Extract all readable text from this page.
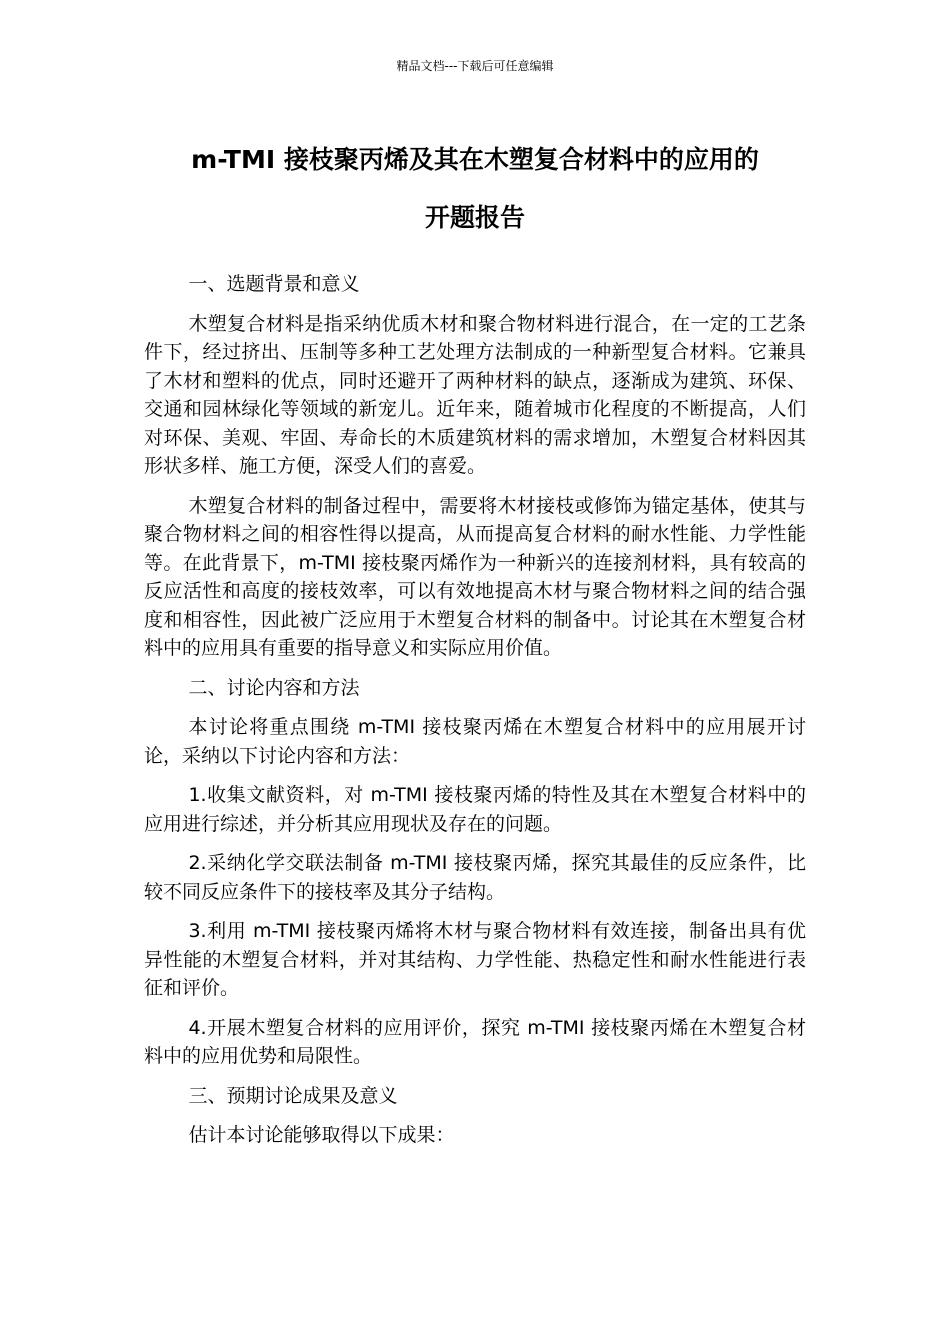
精品文档---下载后可任意编辑
m-TMI 接枝聚丙烯及其在木塑复合材料中的应用的
开题报告

一、选题背景和意义

木塑复合材料是指采纳优质木材和聚合物材料进行混合，在一定的工艺条件下，经过挤出、压制等多种工艺处理方法制成的一种新型复合材料。它兼具了木材和塑料的优点，同时还避开了两种材料的缺点，逐渐成为建筑、环保、交通和园林绿化等领域的新宠儿。近年来，随着城市化程度的不断提高，人们对环保、美观、牢固、寿命长的木质建筑材料的需求增加，木塑复合材料因其形状多样、施工方便，深受人们的喜爱。

木塑复合材料的制备过程中，需要将木材接枝或修饰为锚定基体，使其与聚合物材料之间的相容性得以提高，从而提高复合材料的耐水性能、力学性能等。在此背景下，m-TMI 接枝聚丙烯作为一种新兴的连接剂材料，具有较高的反应活性和高度的接枝效率，可以有效地提高木材与聚合物材料之间的结合强度和相容性，因此被广泛应用于木塑复合材料的制备中。讨论其在木塑复合材料中的应用具有重要的指导意义和实际应用价值。

二、讨论内容和方法

本讨论将重点围绕 m-TMI 接枝聚丙烯在木塑复合材料中的应用展开讨论，采纳以下讨论内容和方法：

1.收集文献资料，对 m-TMI 接枝聚丙烯的特性及其在木塑复合材料中的应用进行综述，并分析其应用现状及存在的问题。

2.采纳化学交联法制备 m-TMI 接枝聚丙烯，探究其最佳的反应条件，比较不同反应条件下的接枝率及其分子结构。

3.利用 m-TMI 接枝聚丙烯将木材与聚合物材料有效连接，制备出具有优异性能的木塑复合材料，并对其结构、力学性能、热稳定性和耐水性能进行表征和评价。

4.开展木塑复合材料的应用评价，探究 m-TMI 接枝聚丙烯在木塑复合材料中的应用优势和局限性。

三、预期讨论成果及意义

估计本讨论能够取得以下成果：
